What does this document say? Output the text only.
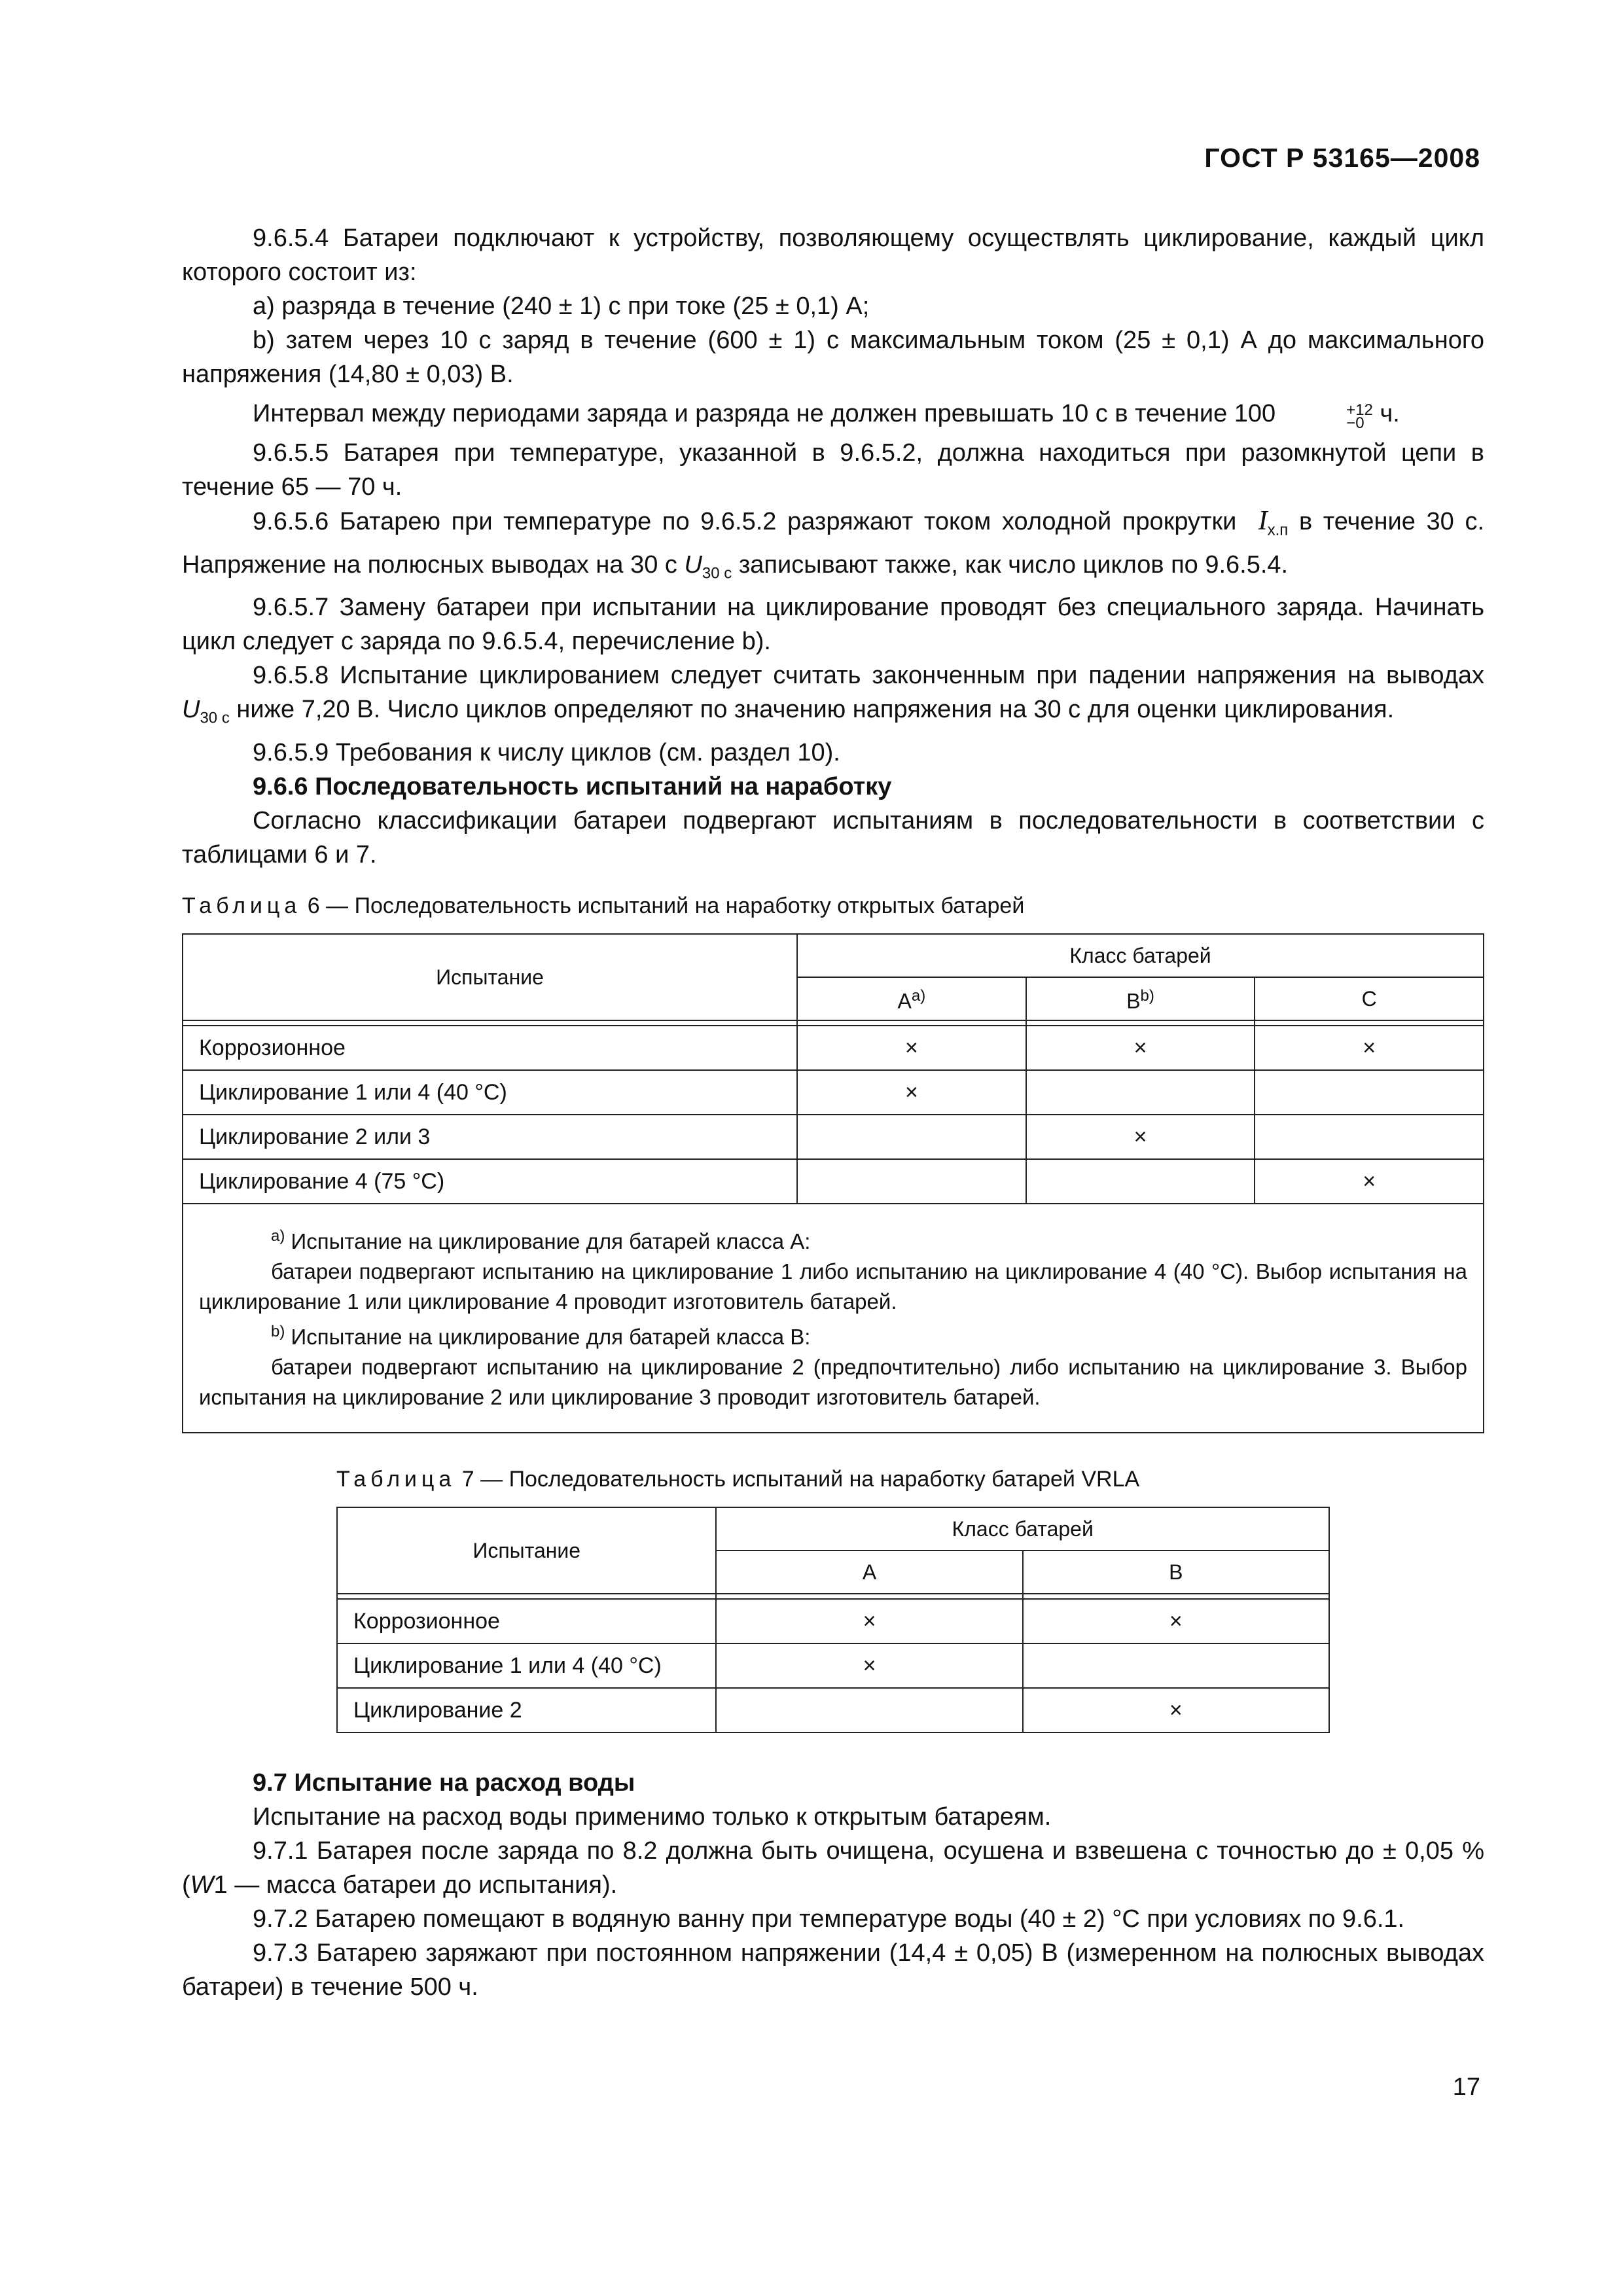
ГОСТ Р 53165—2008

9.6.5.4 Батареи подключают к устройству, позволяющему осуществлять циклирование, каждый цикл которого состоит из:

а) разряда в течение (240 ± 1) с при токе (25 ± 0,1) А;

b) затем через 10 с заряд в течение (600 ± 1) с максимальным током (25 ± 0,1) А до максимального напряжения (14,80 ± 0,03) В.

Интервал между периодами заряда и разряда не должен превышать 10 с в течение 100	+12
−0 ч.

9.6.5.5 Батарея при температуре, указанной в 9.6.5.2, должна находиться при разомкнутой цепи в течение 65 — 70 ч.

9.6.5.6 Батарею при температуре по 9.6.5.2 разряжают током холодной прокрутки $I_{х.п}$ в течение 30 с. Напряжение на полюсных выводах на 30 с $U_{30 с}$ записывают также, как число циклов по 9.6.5.4.

9.6.5.7 Замену батареи при испытании на циклирование проводят без специального заряда. Начинать цикл следует с заряда по 9.6.5.4, перечисление b).

9.6.5.8 Испытание циклированием следует считать законченным при падении напряжения на выводах $U_{30 с}$ ниже 7,20 В. Число циклов определяют по значению напряжения на 30 с для оценки циклирования.

9.6.5.9 Требования к числу циклов (см. раздел 10).

9.6.6 Последовательность испытаний на наработку

Согласно классификации батареи подвергают испытаниям в последовательности в соответствии с таблицами 6 и 7.

Таблица 6 — Последовательность испытаний на наработку открытых батарей
Испытание	Класс батарей		
	$A^{а)}$	$B^{b)}$	C

Коррозионное	×	×	×
Циклирование 1 или 4 (40 °С)	×		
Циклирование 2 или 3		×	
Циклирование 4 (75 °С)			×

$^{a)}$ Испытание на циклирование для батарей класса А:

батареи подвергают испытанию на циклирование 1 либо испытанию на циклирование 4 (40 °С). Выбор испытания на циклирование 1 или циклирование 4 проводит изготовитель батарей.

$^{b)}$ Испытание на циклирование для батарей класса В:

батареи подвергают испытанию на циклирование 2 (предпочтительно) либо испытанию на циклирование 3. Выбор испытания на циклирование 2 или циклирование 3 проводит изготовитель батарей.

Таблица 7 — Последовательность испытаний на наработку батарей VRLA
Испытание	Класс батарей	
	A	B

Коррозионное	×	×
Циклирование 1 или 4 (40 °С)	×	
Циклирование 2		×
9.7 Испытание на расход воды

Испытание на расход воды применимо только к открытым батареям.

9.7.1 Батарея после заряда по 8.2 должна быть очищена, осушена и взвешена с точностью до ± 0,05 % (W1 — масса батареи до испытания).

9.7.2 Батарею помещают в водяную ванну при температуре воды (40 ± 2) °С при условиях по 9.6.1.

9.7.3 Батарею заряжают при постоянном напряжении (14,4 ± 0,05) В (измеренном на полюсных выводах батареи) в течение 500 ч.

17
